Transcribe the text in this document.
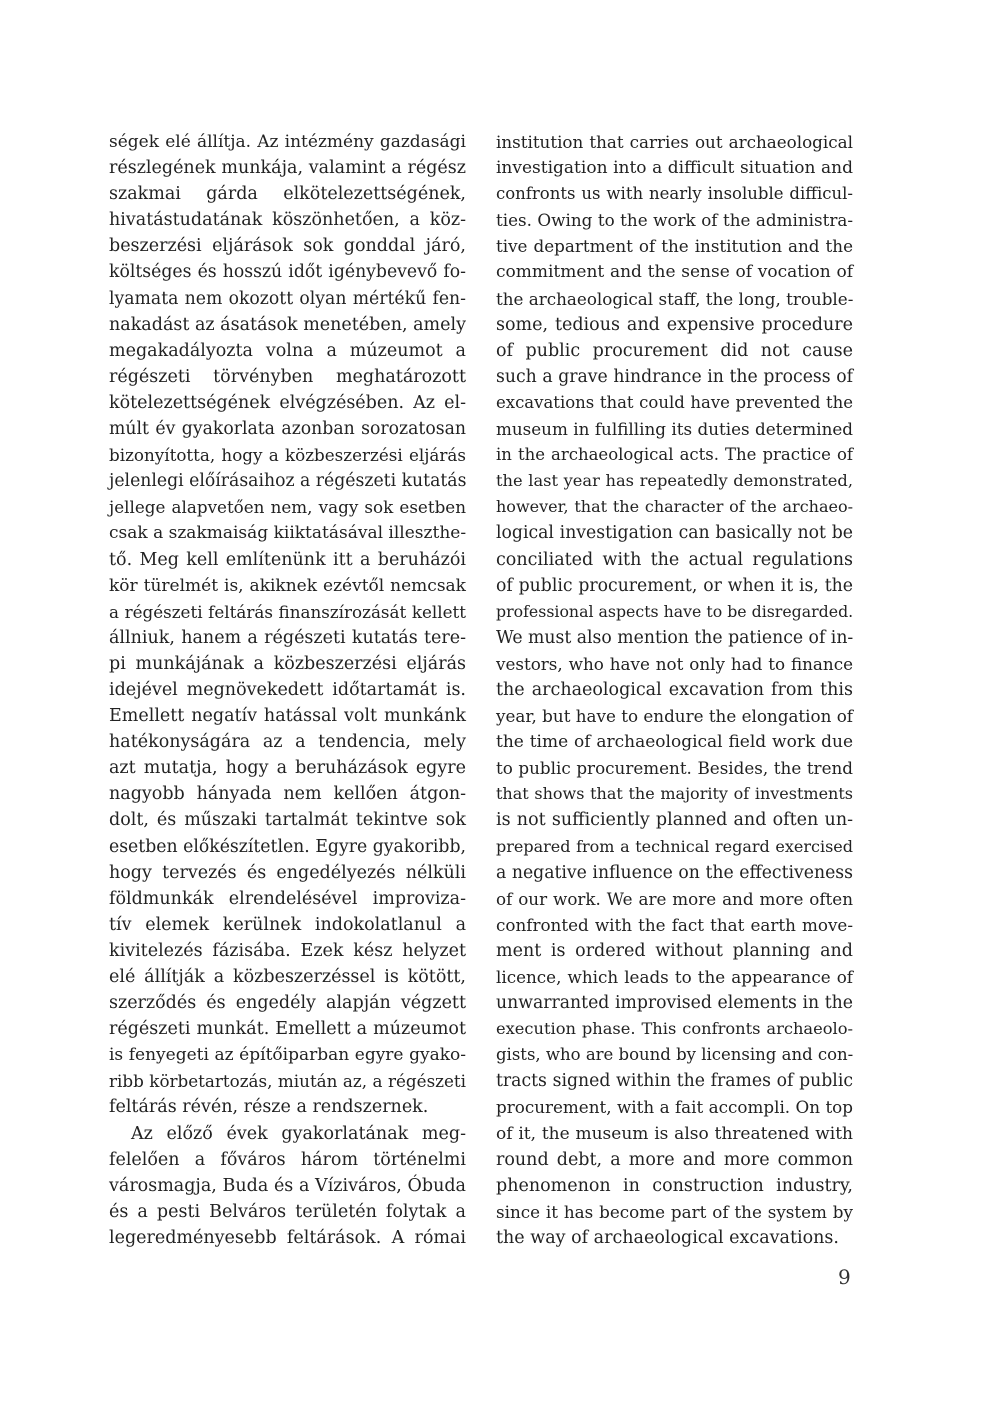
ségek elé állítja. Az intézmény gazdasági
részlegének munkája, valamint a régész
szakmai gárda elkötelezettségének,
hivatástudatának köszönhetően, a köz-
beszerzési eljárások sok gonddal járó,
költséges és hosszú időt igénybevevő fo-
lyamata nem okozott olyan mértékű fen-
nakadást az ásatások menetében, amely
megakadályozta volna a múzeumot a
régészeti törvényben meghatározott
kötelezettségének elvégzésében. Az el-
múlt év gyakorlata azonban sorozatosan
bizonyította, hogy a közbeszerzési eljárás
jelenlegi előírásaihoz a régészeti kutatás
jellege alapvetően nem, vagy sok esetben
csak a szakmaiság kiiktatásával illeszthe-
tő. Meg kell említenünk itt a beruházói
kör türelmét is, akiknek ezévtől nemcsak
a régészeti feltárás finanszírozását kellett
állniuk, hanem a régészeti kutatás tere-
pi munkájának a közbeszerzési eljárás
idejével megnövekedett időtartamát is.
Emellett negatív hatással volt munkánk
hatékonyságára az a tendencia, mely
azt mutatja, hogy a beruházások egyre
nagyobb hányada nem kellően átgon-
dolt, és műszaki tartalmát tekintve sok
esetben előkészítetlen. Egyre gyakoribb,
hogy tervezés és engedélyezés nélküli
földmunkák elrendelésével improviza-
tív elemek kerülnek indokolatlanul a
kivitelezés fázisába. Ezek kész helyzet
elé állítják a közbeszerzéssel is kötött,
szerződés és engedély alapján végzett
régészeti munkát. Emellett a múzeumot
is fenyegeti az építőiparban egyre gyako-
ribb körbetartozás, miután az, a régészeti
feltárás révén, része a rendszernek.
Az előző évek gyakorlatának meg-
felelően a főváros három történelmi
városmagja, Buda és a Víziváros, Óbuda
és a pesti Belváros területén folytak a
legeredményesebb feltárások. A római
institution that carries out archaeological
investigation into a difficult situation and
confronts us with nearly insoluble difficul-
ties. Owing to the work of the administra-
tive department of the institution and the
commitment and the sense of vocation of
the archaeological staff, the long, trouble-
some, tedious and expensive procedure
of public procurement did not cause
such a grave hindrance in the process of
excavations that could have prevented the
museum in fulfilling its duties determined
in the archaeological acts. The practice of
the last year has repeatedly demonstrated,
however, that the character of the archaeo-
logical investigation can basically not be
conciliated with the actual regulations
of public procurement, or when it is, the
professional aspects have to be disregarded.
We must also mention the patience of in-
vestors, who have not only had to finance
the archaeological excavation from this
year, but have to endure the elongation of
the time of archaeological field work due
to public procurement. Besides, the trend
that shows that the majority of investments
is not sufficiently planned and often un-
prepared from a technical regard exercised
a negative influence on the effectiveness
of our work. We are more and more often
confronted with the fact that earth move-
ment is ordered without planning and
licence, which leads to the appearance of
unwarranted improvised elements in the
execution phase. This confronts archaeolo-
gists, who are bound by licensing and con-
tracts signed within the frames of public
procurement, with a fait accompli. On top
of it, the museum is also threatened with
round debt, a more and more common
phenomenon in construction industry,
since it has become part of the system by
the way of archaeological excavations.
9
